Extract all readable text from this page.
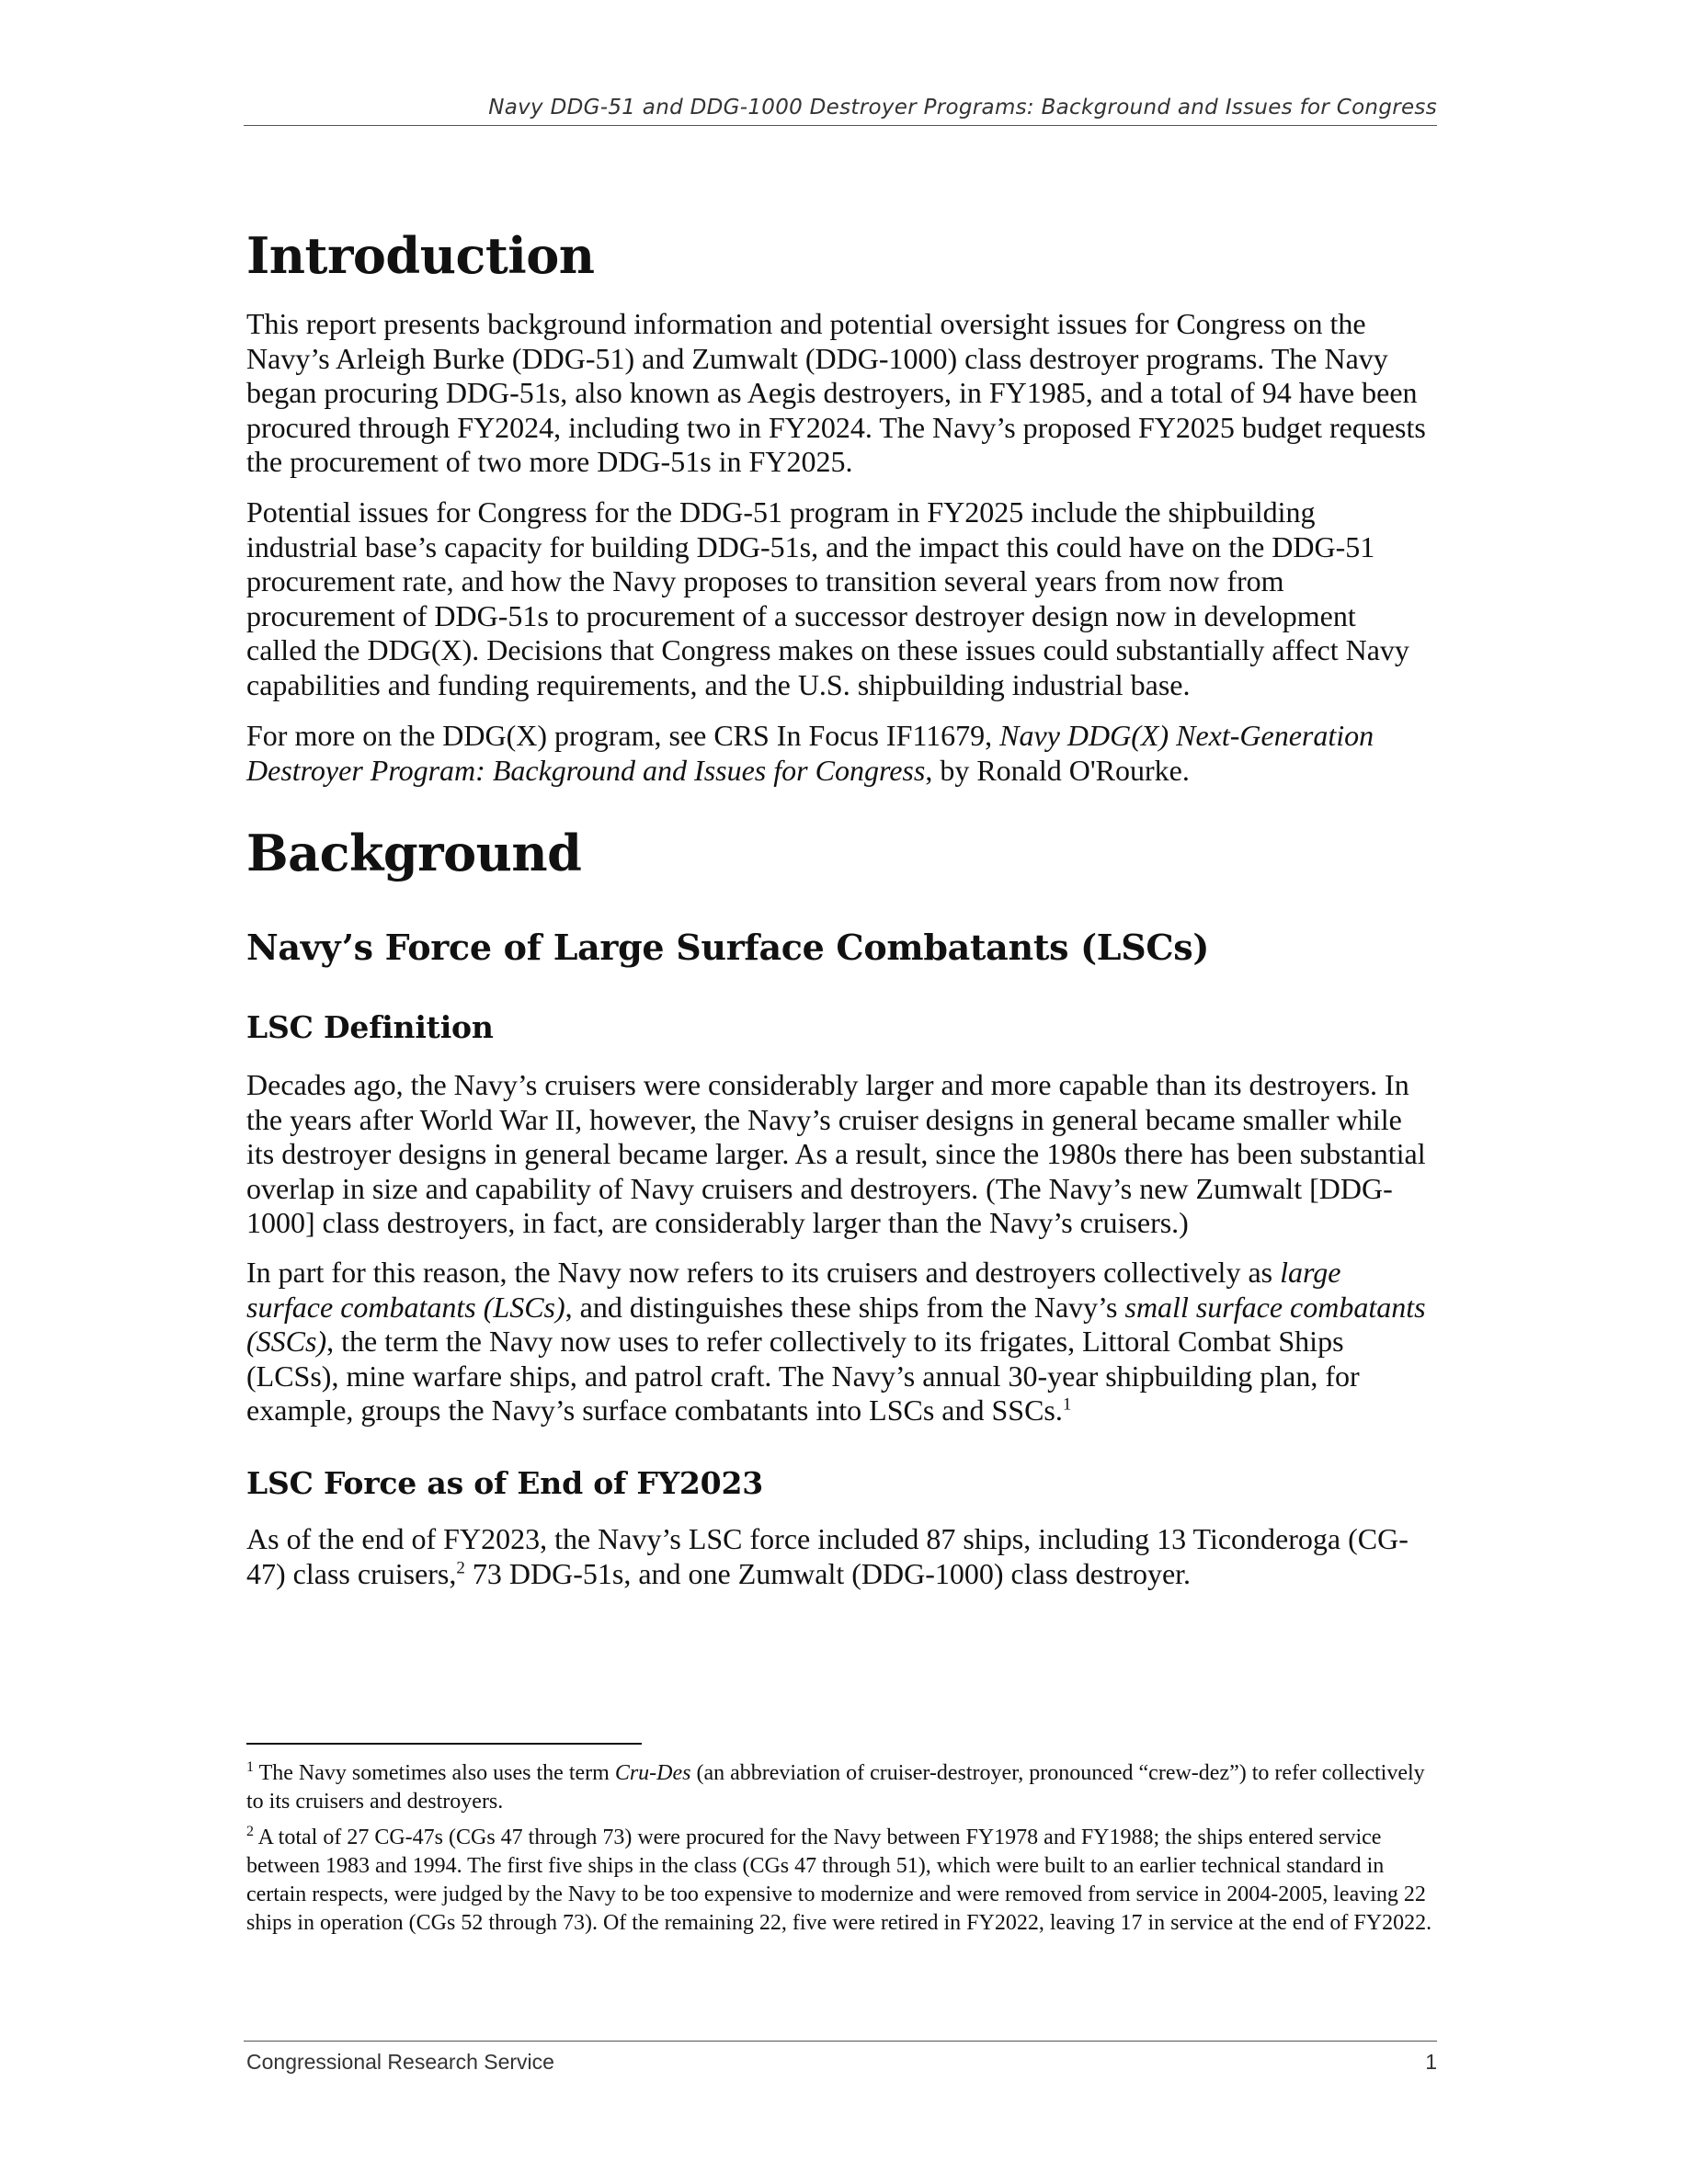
Navy DDG-51 and DDG-1000 Destroyer Programs: Background and Issues for Congress
Introduction

This report presents background information and potential oversight issues for Congress on the Navy’s Arleigh Burke (DDG-51) and Zumwalt (DDG-1000) class destroyer programs. The Navy began procuring DDG-51s, also known as Aegis destroyers, in FY1985, and a total of 94 have been procured through FY2024, including two in FY2024. The Navy’s proposed FY2025 budget requests the procurement of two more DDG-51s in FY2025.

Potential issues for Congress for the DDG-51 program in FY2025 include the shipbuilding industrial base’s capacity for building DDG-51s, and the impact this could have on the DDG-51 procurement rate, and how the Navy proposes to transition several years from now from procurement of DDG-51s to procurement of a successor destroyer design now in development called the DDG(X). Decisions that Congress makes on these issues could substantially affect Navy capabilities and funding requirements, and the U.S. shipbuilding industrial base.

For more on the DDG(X) program, see CRS In Focus IF11679, Navy DDG(X) Next-Generation Destroyer Program: Background and Issues for Congress, by Ronald O'Rourke.

Background
Navy’s Force of Large Surface Combatants (LSCs)
LSC Definition

Decades ago, the Navy’s cruisers were considerably larger and more capable than its destroyers. In the years after World War II, however, the Navy’s cruiser designs in general became smaller while its destroyer designs in general became larger. As a result, since the 1980s there has been substantial overlap in size and capability of Navy cruisers and destroyers. (The Navy’s new Zumwalt [DDG-1000] class destroyers, in fact, are considerably larger than the Navy’s cruisers.)

In part for this reason, the Navy now refers to its cruisers and destroyers collectively as large surface combatants (LSCs), and distinguishes these ships from the Navy’s small surface combatants (SSCs), the term the Navy now uses to refer collectively to its frigates, Littoral Combat Ships (LCSs), mine warfare ships, and patrol craft. The Navy’s annual 30-year shipbuilding plan, for example, groups the Navy’s surface combatants into LSCs and SSCs.$^1$

LSC Force as of End of FY2023

As of the end of FY2023, the Navy’s LSC force included 87 ships, including 13 Ticonderoga (CG-47) class cruisers,$^2$ 73 DDG-51s, and one Zumwalt (DDG-1000) class destroyer.

$^1$ The Navy sometimes also uses the term Cru-Des (an abbreviation of cruiser-destroyer, pronounced “crew-dez”) to refer collectively to its cruisers and destroyers.

$^2$ A total of 27 CG-47s (CGs 47 through 73) were procured for the Navy between FY1978 and FY1988; the ships entered service between 1983 and 1994. The first five ships in the class (CGs 47 through 51), which were built to an earlier technical standard in certain respects, were judged by the Navy to be too expensive to modernize and were removed from service in 2004-2005, leaving 22 ships in operation (CGs 52 through 73). Of the remaining 22, five were retired in FY2022, leaving 17 in service at the end of FY2022.

Congressional Research Service	1
